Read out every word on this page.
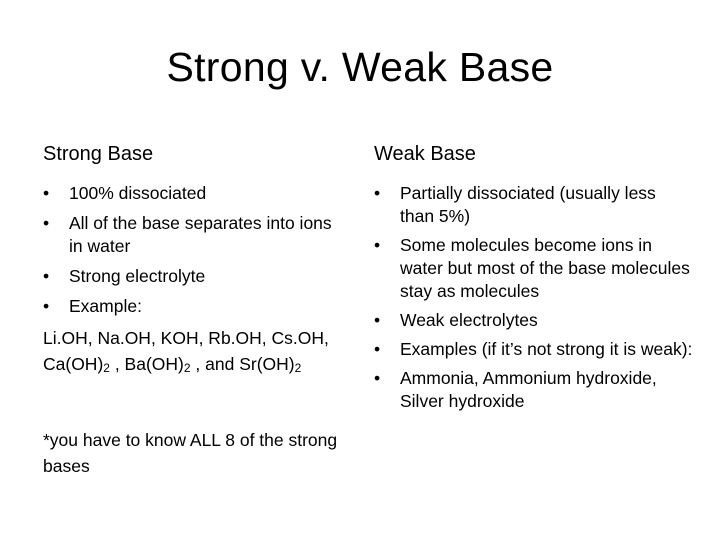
Strong v. Weak Base
Strong Base
•	100% dissociated
•	All of the base separates into ions in water
•	Strong electrolyte
•	Example:

Li.OH, Na.OH, KOH, Rb.OH, Cs.OH,
$Ca(OH)_2$ , $Ba(OH)_2$ , and $Sr(OH)_2$

*you have to know ALL 8 of the strong bases

Weak Base
•	Partially dissociated (usually less than 5%)
•	Some molecules become ions in water but most of the base molecules stay as molecules
•	Weak electrolytes
•	Examples (if it’s not strong it is weak):
•	Ammonia, Ammonium hydroxide, Silver hydroxide
